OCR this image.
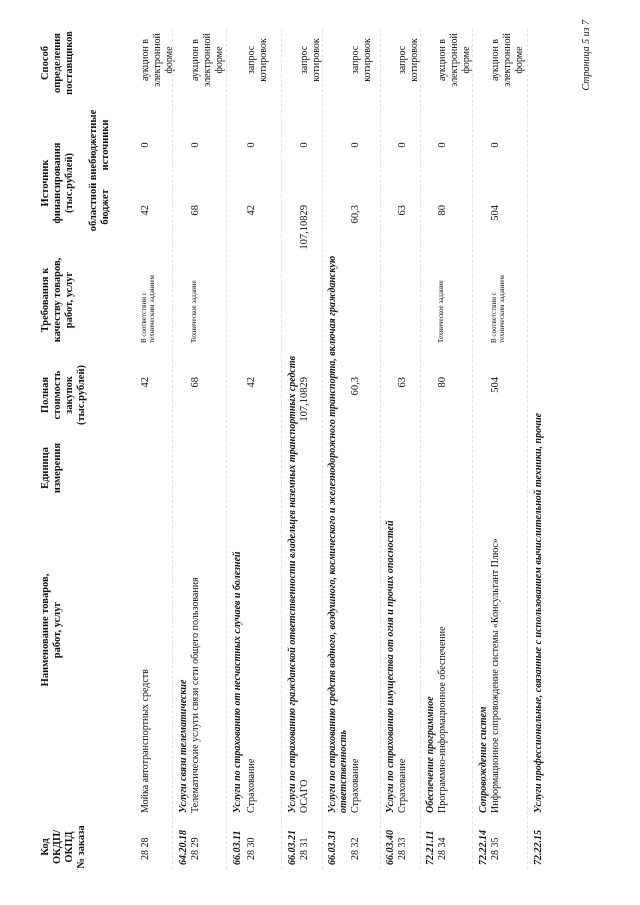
Код ОКДП/ ОКПД № заказа
Наименование товаров, работ, услуг
Единица измерения
Полная стоимость закупок (тыс.рублей)
Требования к качеству товаров, работ, услуг
Источник финансирования (тыс.рублей) областной бюджет
внебюджетные источники
Способ определения поставщиков
28 28
Мойка автотранспортных средств
42
В соответствии с техническим заданием
42
0
аукцион в электронной форме
64.20.18
Услуги связи телематические
28 29
Телематические услуги связи сети общего пользования
68
Техническое задание
68
0
аукцион в электронной форме
66.03.11
Услуги по страхованию от несчастных случаев и болезней
28 30
Страхование
42
42
0
запрос котировок
66.03.21
Услуги по страхованию гражданской ответственности владельцев наземных транспортных средств
28 31
ОСАГО
107,10829
107,10829
0
запрос котировок
66.03.31
Услуги по страхованию средств водного, воздушного, космического и железнодорожного транспорта, включая гражданскую ответственность
28 32
Страхование
60,3
60,3
0
запрос котировок
66.03.40
Услуги по страхованию имущества от огня и прочих опасностей
28 33
Страхование
63
63
0
запрос котировок
72.21.11
Обеспечение программное
28 34
Программно-информационное обеспечение
80
Техническое задание
80
0
аукцион в электронной форме
72.22.14
Сопровождение систем
28 35
Информационное сопровождение системы «Консультант Плюс»
504
В соответствии с техническим заданием
504
0
аукцион в электронной форме
72.22.15
Услуги профессиональные, связанные с использованием вычислительной техники, прочие
Страница 5 из 7
